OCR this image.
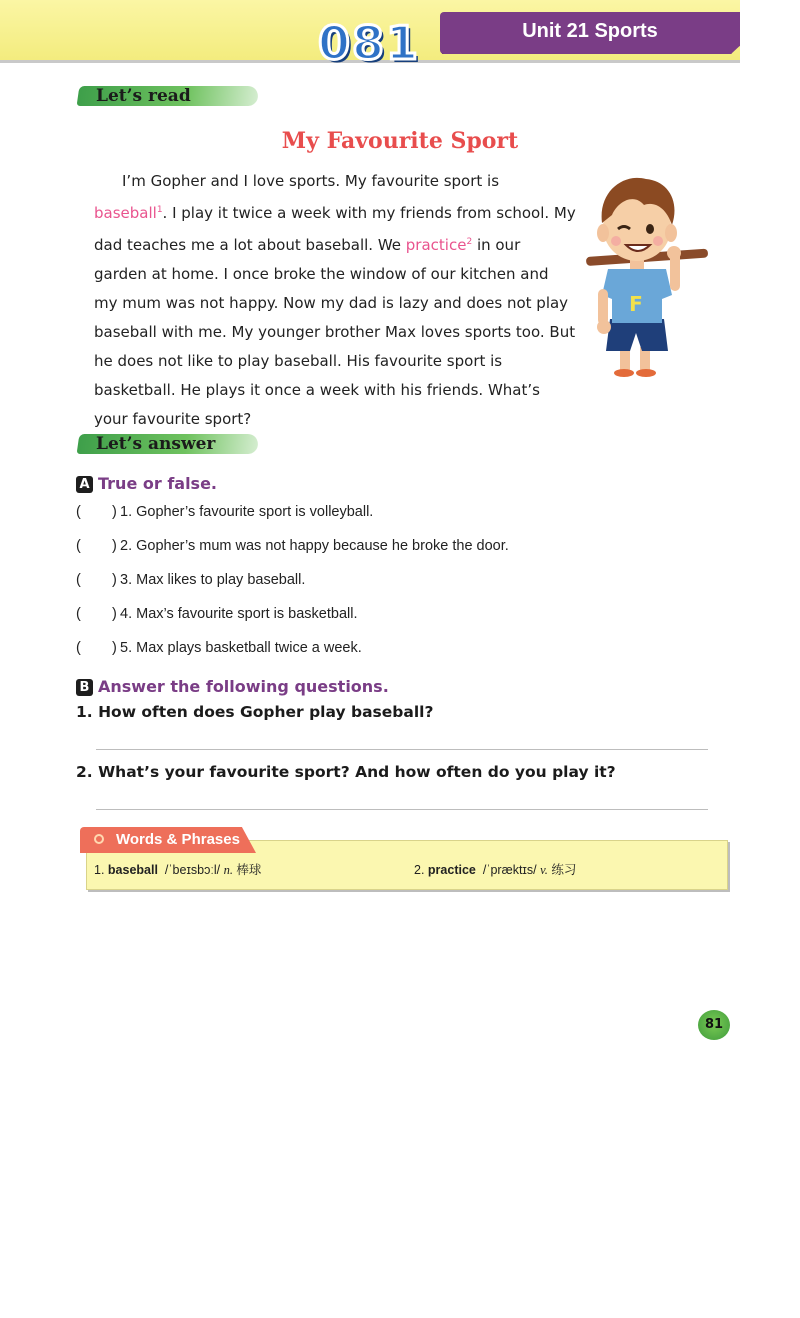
081	Unit 21 Sports
Let’s read
My Favourite Sport
F

I’m Gopher and I love sports. My favourite sport is baseball$^1$. I play it twice a week with my friends from school. My dad teaches me a lot about baseball. We practice$^2$ in our garden at home. I once broke the window of our kitchen and my mum was not happy. Now my dad is lazy and does not play baseball with me. My younger brother Max loves sports too. But he does not like to play baseball. His favourite sport is basketball. He plays it once a week with his friends. What’s your favourite sport?

Let’s answer
A True or false.
( ) 1. Gopher’s favourite sport is volleyball.
( ) 2. Gopher’s mum was not happy because he broke the door.
( ) 3. Max likes to play baseball.
( ) 4. Max’s favourite sport is basketball.
( ) 5. Max plays basketball twice a week.
B Answer the following questions.
1. How often does Gopher play baseball?
2. What’s your favourite sport? And how often do you play it?
Words & Phrases
1. baseball /ˈbeɪsbɔːl/ n. 棒球	2. practice /ˈpræktɪs/ v. 练习
81
